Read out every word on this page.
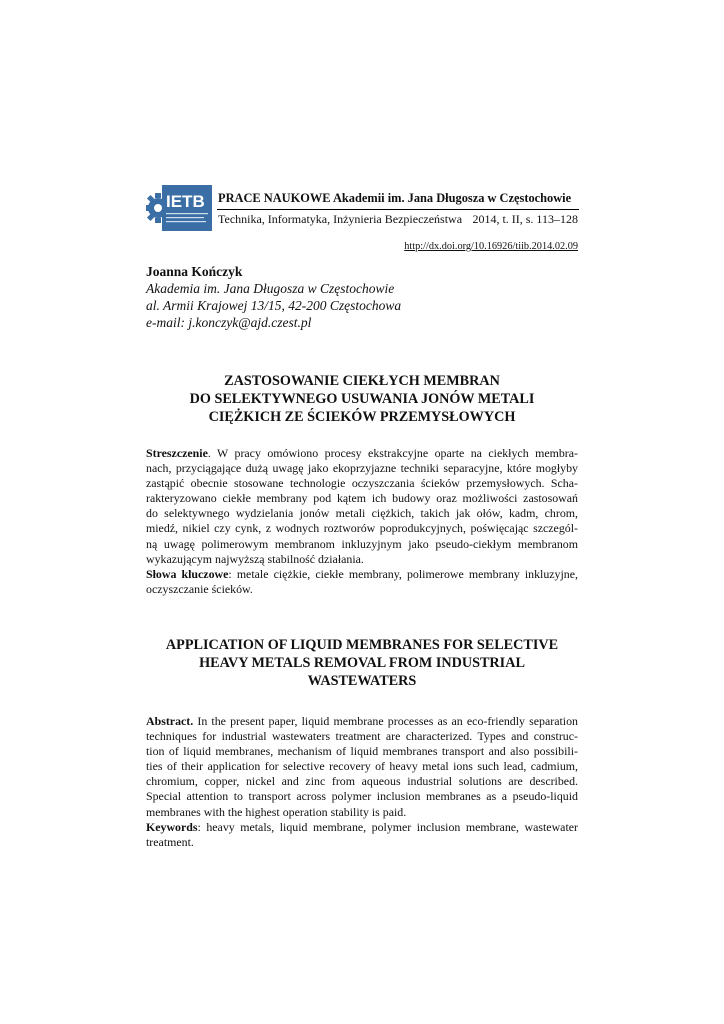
IETB PRACE NAUKOWE Akademii im. Jana Długosza w Częstochowie
Technika, Informatyka, Inżynieria Bezpieczeństwa 2014, t. II, s. 113–128
http://dx.doi.org/10.16926/tiib.2014.02.09
Joanna Kończyk
Akademia im. Jana Długosza w Częstochowie
al. Armii Krajowej 13/15, 42-200 Częstochowa
e-mail: j.konczyk@ajd.czest.pl
ZASTOSOWANIE CIEKŁYCH MEMBRAN
DO SELEKTYWNEGO USUWANIA JONÓW METALI
CIĘŻKICH ZE ŚCIEKÓW PRZEMYSŁOWYCH
Streszczenie. W pracy omówiono procesy ekstrakcyjne oparte na ciekłych membra-
nach, przyciągające dużą uwagę jako ekoprzyjazne techniki separacyjne, które mogłyby
zastąpić obecnie stosowane technologie oczyszczania ścieków przemysłowych. Scha-
rakteryzowano ciekłe membrany pod kątem ich budowy oraz możliwości zastosowań
do selektywnego wydzielania jonów metali ciężkich, takich jak ołów, kadm, chrom,
miedź, nikiel czy cynk, z wodnych roztworów poprodukcyjnych, poświęcając szczegól-
ną uwagę polimerowym membranom inkluzyjnym jako pseudo-ciekłym membranom
wykazującym najwyższą stabilność działania.
Słowa kluczowe: metale ciężkie, ciekłe membrany, polimerowe membrany inkluzyjne,
oczyszczanie ścieków.
APPLICATION OF LIQUID MEMBRANES FOR SELECTIVE
HEAVY METALS REMOVAL FROM INDUSTRIAL
WASTEWATERS
Abstract. In the present paper, liquid membrane processes as an eco-friendly separation
techniques for industrial wastewaters treatment are characterized. Types and construc-
tion of liquid membranes, mechanism of liquid membranes transport and also possibili-
ties of their application for selective recovery of heavy metal ions such lead, cadmium,
chromium, copper, nickel and zinc from aqueous industrial solutions are described.
Special attention to transport across polymer inclusion membranes as a pseudo-liquid
membranes with the highest operation stability is paid.
Keywords: heavy metals, liquid membrane, polymer inclusion membrane, wastewater
treatment.
